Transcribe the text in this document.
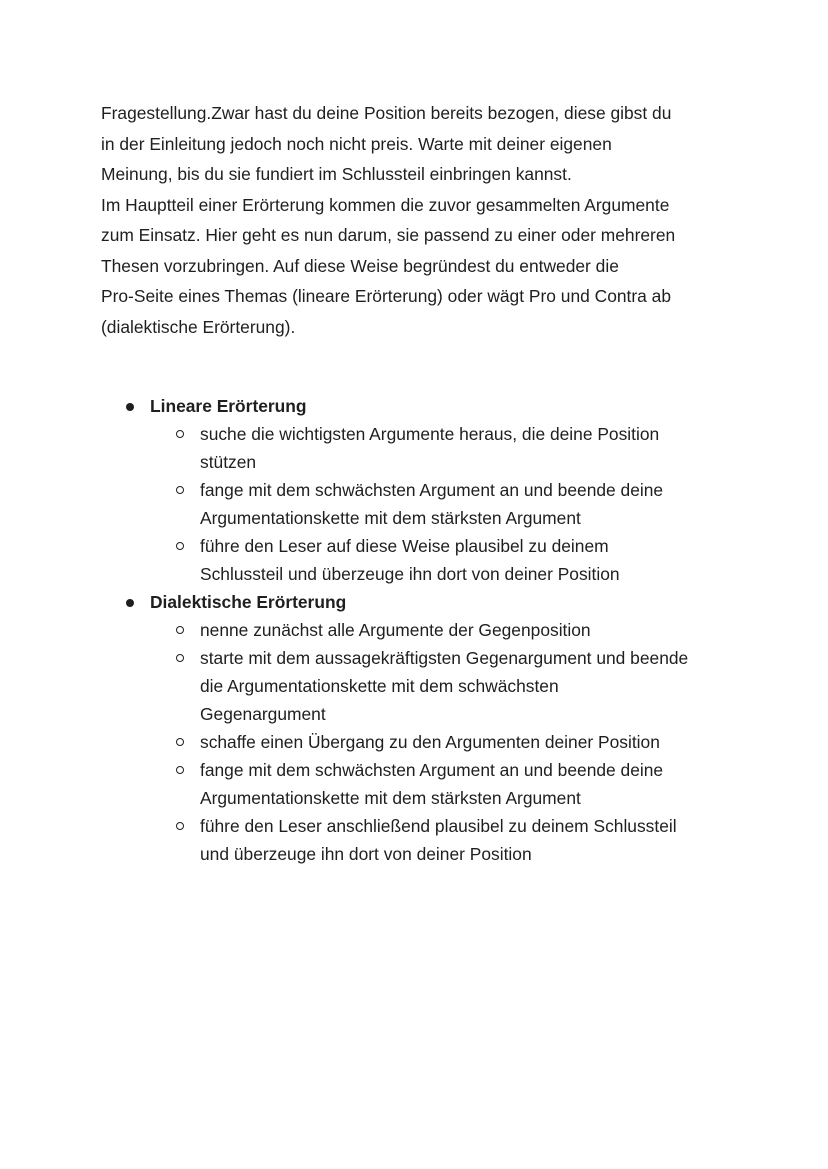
Fragestellung.Zwar hast du deine Position bereits bezogen, diese gibst du
in der Einleitung jedoch noch nicht preis. Warte mit deiner eigenen
Meinung, bis du sie fundiert im Schlussteil einbringen kannst.
Im Hauptteil einer Erörterung kommen die zuvor gesammelten Argumente
zum Einsatz. Hier geht es nun darum, sie passend zu einer oder mehreren
Thesen vorzubringen. Auf diese Weise begründest du entweder die
Pro-Seite eines Themas (lineare Erörterung) oder wägt Pro und Contra ab
(dialektische Erörterung).
Lineare Erörterung
suche die wichtigsten Argumente heraus, die deine Position
stützen
fange mit dem schwächsten Argument an und beende deine
Argumentationskette mit dem stärksten Argument
führe den Leser auf diese Weise plausibel zu deinem
Schlussteil und überzeuge ihn dort von deiner Position
Dialektische Erörterung
nenne zunächst alle Argumente der Gegenposition
starte mit dem aussagekräftigsten Gegenargument und beende
die Argumentationskette mit dem schwächsten
Gegenargument
schaffe einen Übergang zu den Argumenten deiner Position
fange mit dem schwächsten Argument an und beende deine
Argumentationskette mit dem stärksten Argument
führe den Leser anschließend plausibel zu deinem Schlussteil
und überzeuge ihn dort von deiner Position
